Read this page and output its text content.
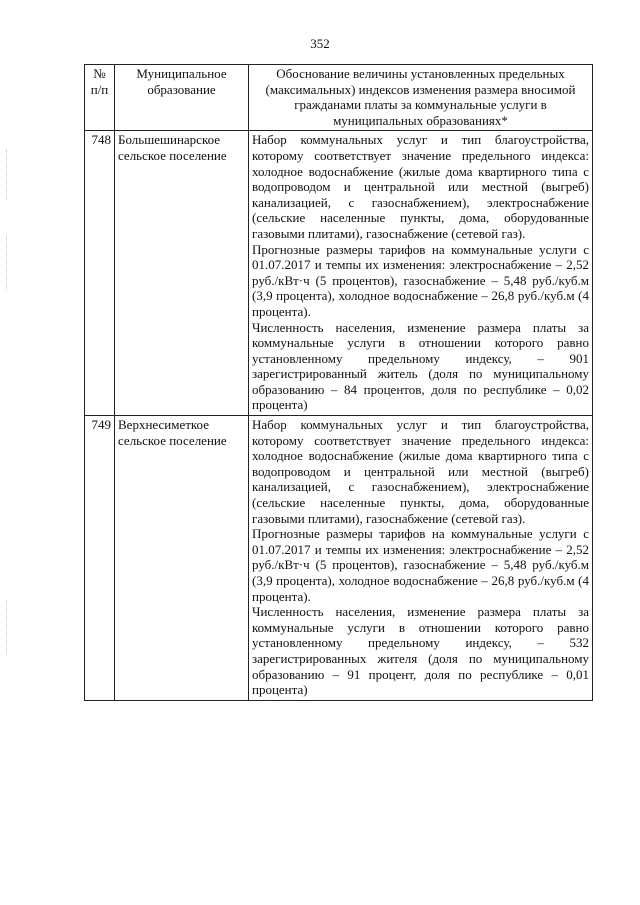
352
№ п/п	Муниципальное образование	Обоснование величины установленных предельных (максимальных) индексов изменения размера вносимой гражданами платы за коммунальные услуги в муниципальных образованиях*
748	Большешинарское сельское поселение	Набор коммунальных услуг и тип благоустройства, которому соответствует значение предельного индекса: холодное водоснабжение (жилые дома квартирного типа с водопроводом и центральной или местной (выгреб) канализацией, с газоснабжением), электроснабжение (сельские населенные пункты, дома, оборудованные газовыми плитами), газоснабжение (сетевой газ).

Прогнозные размеры тарифов на коммунальные услуги с 01.07.2017 и темпы их изменения: электроснабжение – 2,52 руб./кВт·ч (5 процентов), газоснабжение – 5,48 руб./куб.м (3,9 процента), холодное водоснабжение – 26,8 руб./куб.м (4 процента).

Численность населения, изменение размера платы за коммунальные услуги в отношении которого равно установленному предельному индексу, – 901 зарегистрированный житель (доля по муниципальному образованию – 84 процентов, доля по республике – 0,02 процента)

749	Верхнесиметкое сельское поселение	Набор коммунальных услуг и тип благоустройства, которому соответствует значение предельного индекса: холодное водоснабжение (жилые дома квартирного типа с водопроводом и центральной или местной (выгреб) канализацией, с газоснабжением), электроснабжение (сельские населенные пункты, дома, оборудованные газовыми плитами), газоснабжение (сетевой газ).

Прогнозные размеры тарифов на коммунальные услуги с 01.07.2017 и темпы их изменения: электроснабжение – 2,52 руб./кВт·ч (5 процентов), газоснабжение – 5,48 руб./куб.м (3,9 процента), холодное водоснабжение – 26,8 руб./куб.м (4 процента).

Численность населения, изменение размера платы за коммунальные услуги в отношении которого равно установленному предельному индексу, – 532 зарегистрированных жителя (доля по муниципальному образованию – 91 процент, доля по республике – 0,01 процента)
